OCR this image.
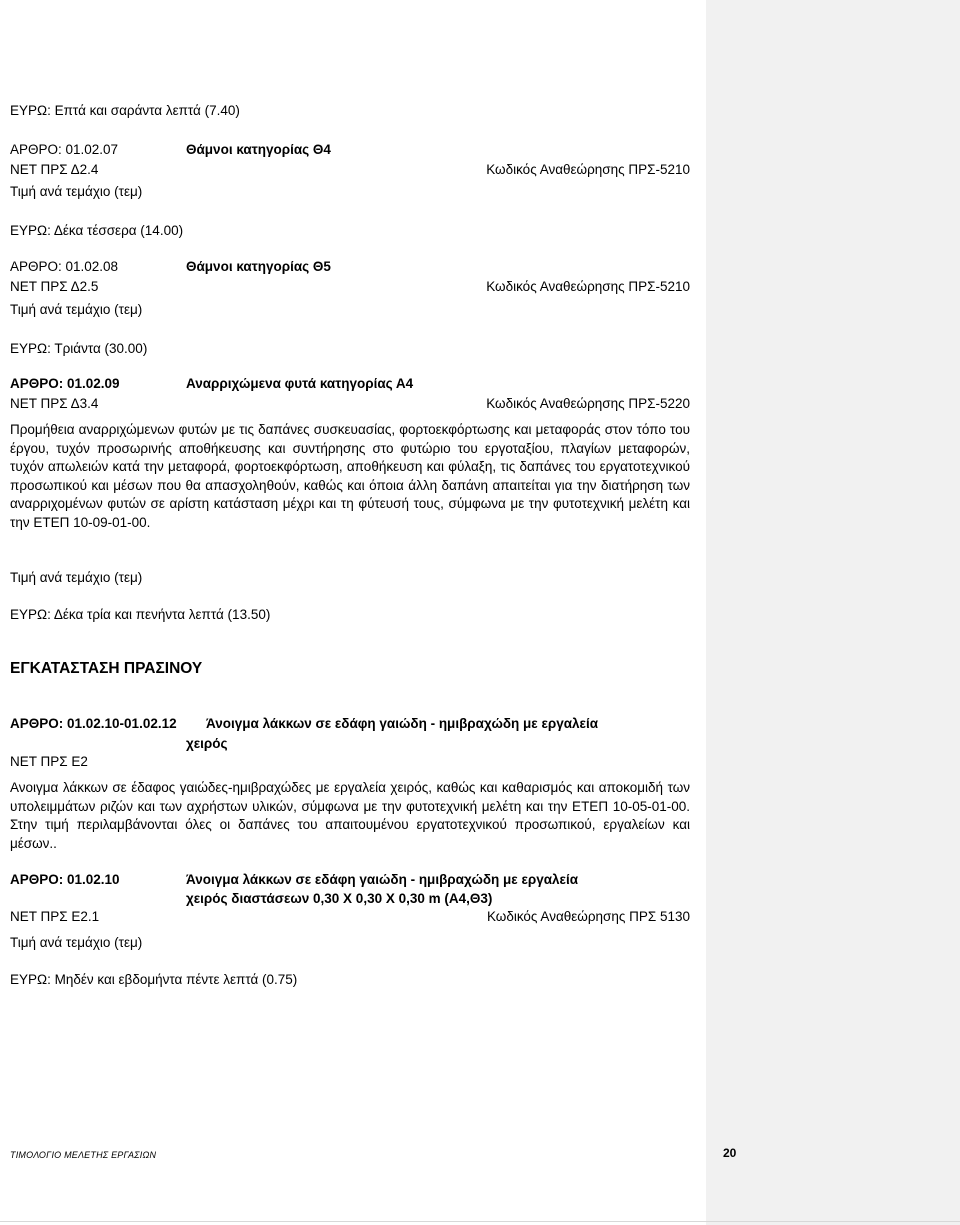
ΕΥΡΩ: Επτά και σαράντα λεπτά (7.40)
ΑΡΘΡΟ: 01.02.07	Θάμνοι κατηγορίας Θ4
ΝΕΤ ΠΡΣ Δ2.4	Κωδικός Αναθεώρησης ΠΡΣ-5210
Τιμή ανά τεμάχιο (τεμ)
ΕΥΡΩ: Δέκα τέσσερα (14.00)
ΑΡΘΡΟ: 01.02.08	Θάμνοι κατηγορίας Θ5
ΝΕΤ ΠΡΣ Δ2.5	Κωδικός Αναθεώρησης ΠΡΣ-5210
Τιμή ανά τεμάχιο (τεμ)
ΕΥΡΩ: Τριάντα (30.00)
ΑΡΘΡΟ: 01.02.09	Αναρριχώμενα φυτά κατηγορίας Α4
ΝΕΤ ΠΡΣ Δ3.4	Κωδικός Αναθεώρησης ΠΡΣ-5220
Προμήθεια αναρριχώμενων φυτών με τις δαπάνες συσκευασίας, φορτοεκφόρτωσης και μεταφοράς στον τόπο του έργου, τυχόν προσωρινής αποθήκευσης και συντήρησης στο φυτώριο του εργοταξίου, πλαγίων μεταφορών, τυχόν απωλειών κατά την μεταφορά, φορτοεκφόρτωση, αποθήκευση και φύλαξη, τις δαπάνες του εργατοτεχνικού προσωπικού και μέσων που θα απασχοληθούν, καθώς και όποια άλλη δαπάνη απαιτείται για την διατήρηση των αναρριχομένων φυτών σε αρίστη κατάσταση μέχρι και τη φύτευσή τους, σύμφωνα με την φυτοτεχνική μελέτη και την ΕΤΕΠ 10-09-01-00.
Τιμή ανά τεμάχιο (τεμ)
ΕΥΡΩ: Δέκα τρία και πενήντα λεπτά (13.50)
ΕΓΚΑΤΑΣΤΑΣΗ ΠΡΑΣΙΝΟΥ
ΑΡΘΡΟ: 01.02.10-01.02.12 Άνοιγμα λάκκων σε εδάφη γαιώδη - ημιβραχώδη με εργαλεία
χειρός
ΝΕΤ ΠΡΣ Ε2
Ανοιγμα λάκκων σε έδαφος γαιώδες-ημιβραχώδες με εργαλεία χειρός, καθώς και καθαρισμός και αποκομιδή των υπολειμμάτων ριζών και των αχρήστων υλικών, σύμφωνα με την φυτοτεχνική μελέτη και την ΕΤΕΠ 10-05-01-00. Στην τιμή περιλαμβάνονται όλες οι δαπάνες του απαιτουμένου εργατοτεχνικού προσωπικού, εργαλείων και μέσων..
ΑΡΘΡΟ: 01.02.10	Άνοιγμα λάκκων σε εδάφη γαιώδη - ημιβραχώδη με εργαλεία
χειρός διαστάσεων 0,30 Χ 0,30 Χ 0,30 m (Α4,Θ3)
ΝΕΤ ΠΡΣ Ε2.1	Κωδικός Αναθεώρησης ΠΡΣ 5130
Τιμή ανά τεμάχιο (τεμ)
ΕΥΡΩ: Μηδέν και εβδομήντα πέντε λεπτά (0.75)
ΤΙΜΟΛΟΓΙΟ ΜΕΛΕΤΗΣ ΕΡΓΑΣΙΩΝ	20
